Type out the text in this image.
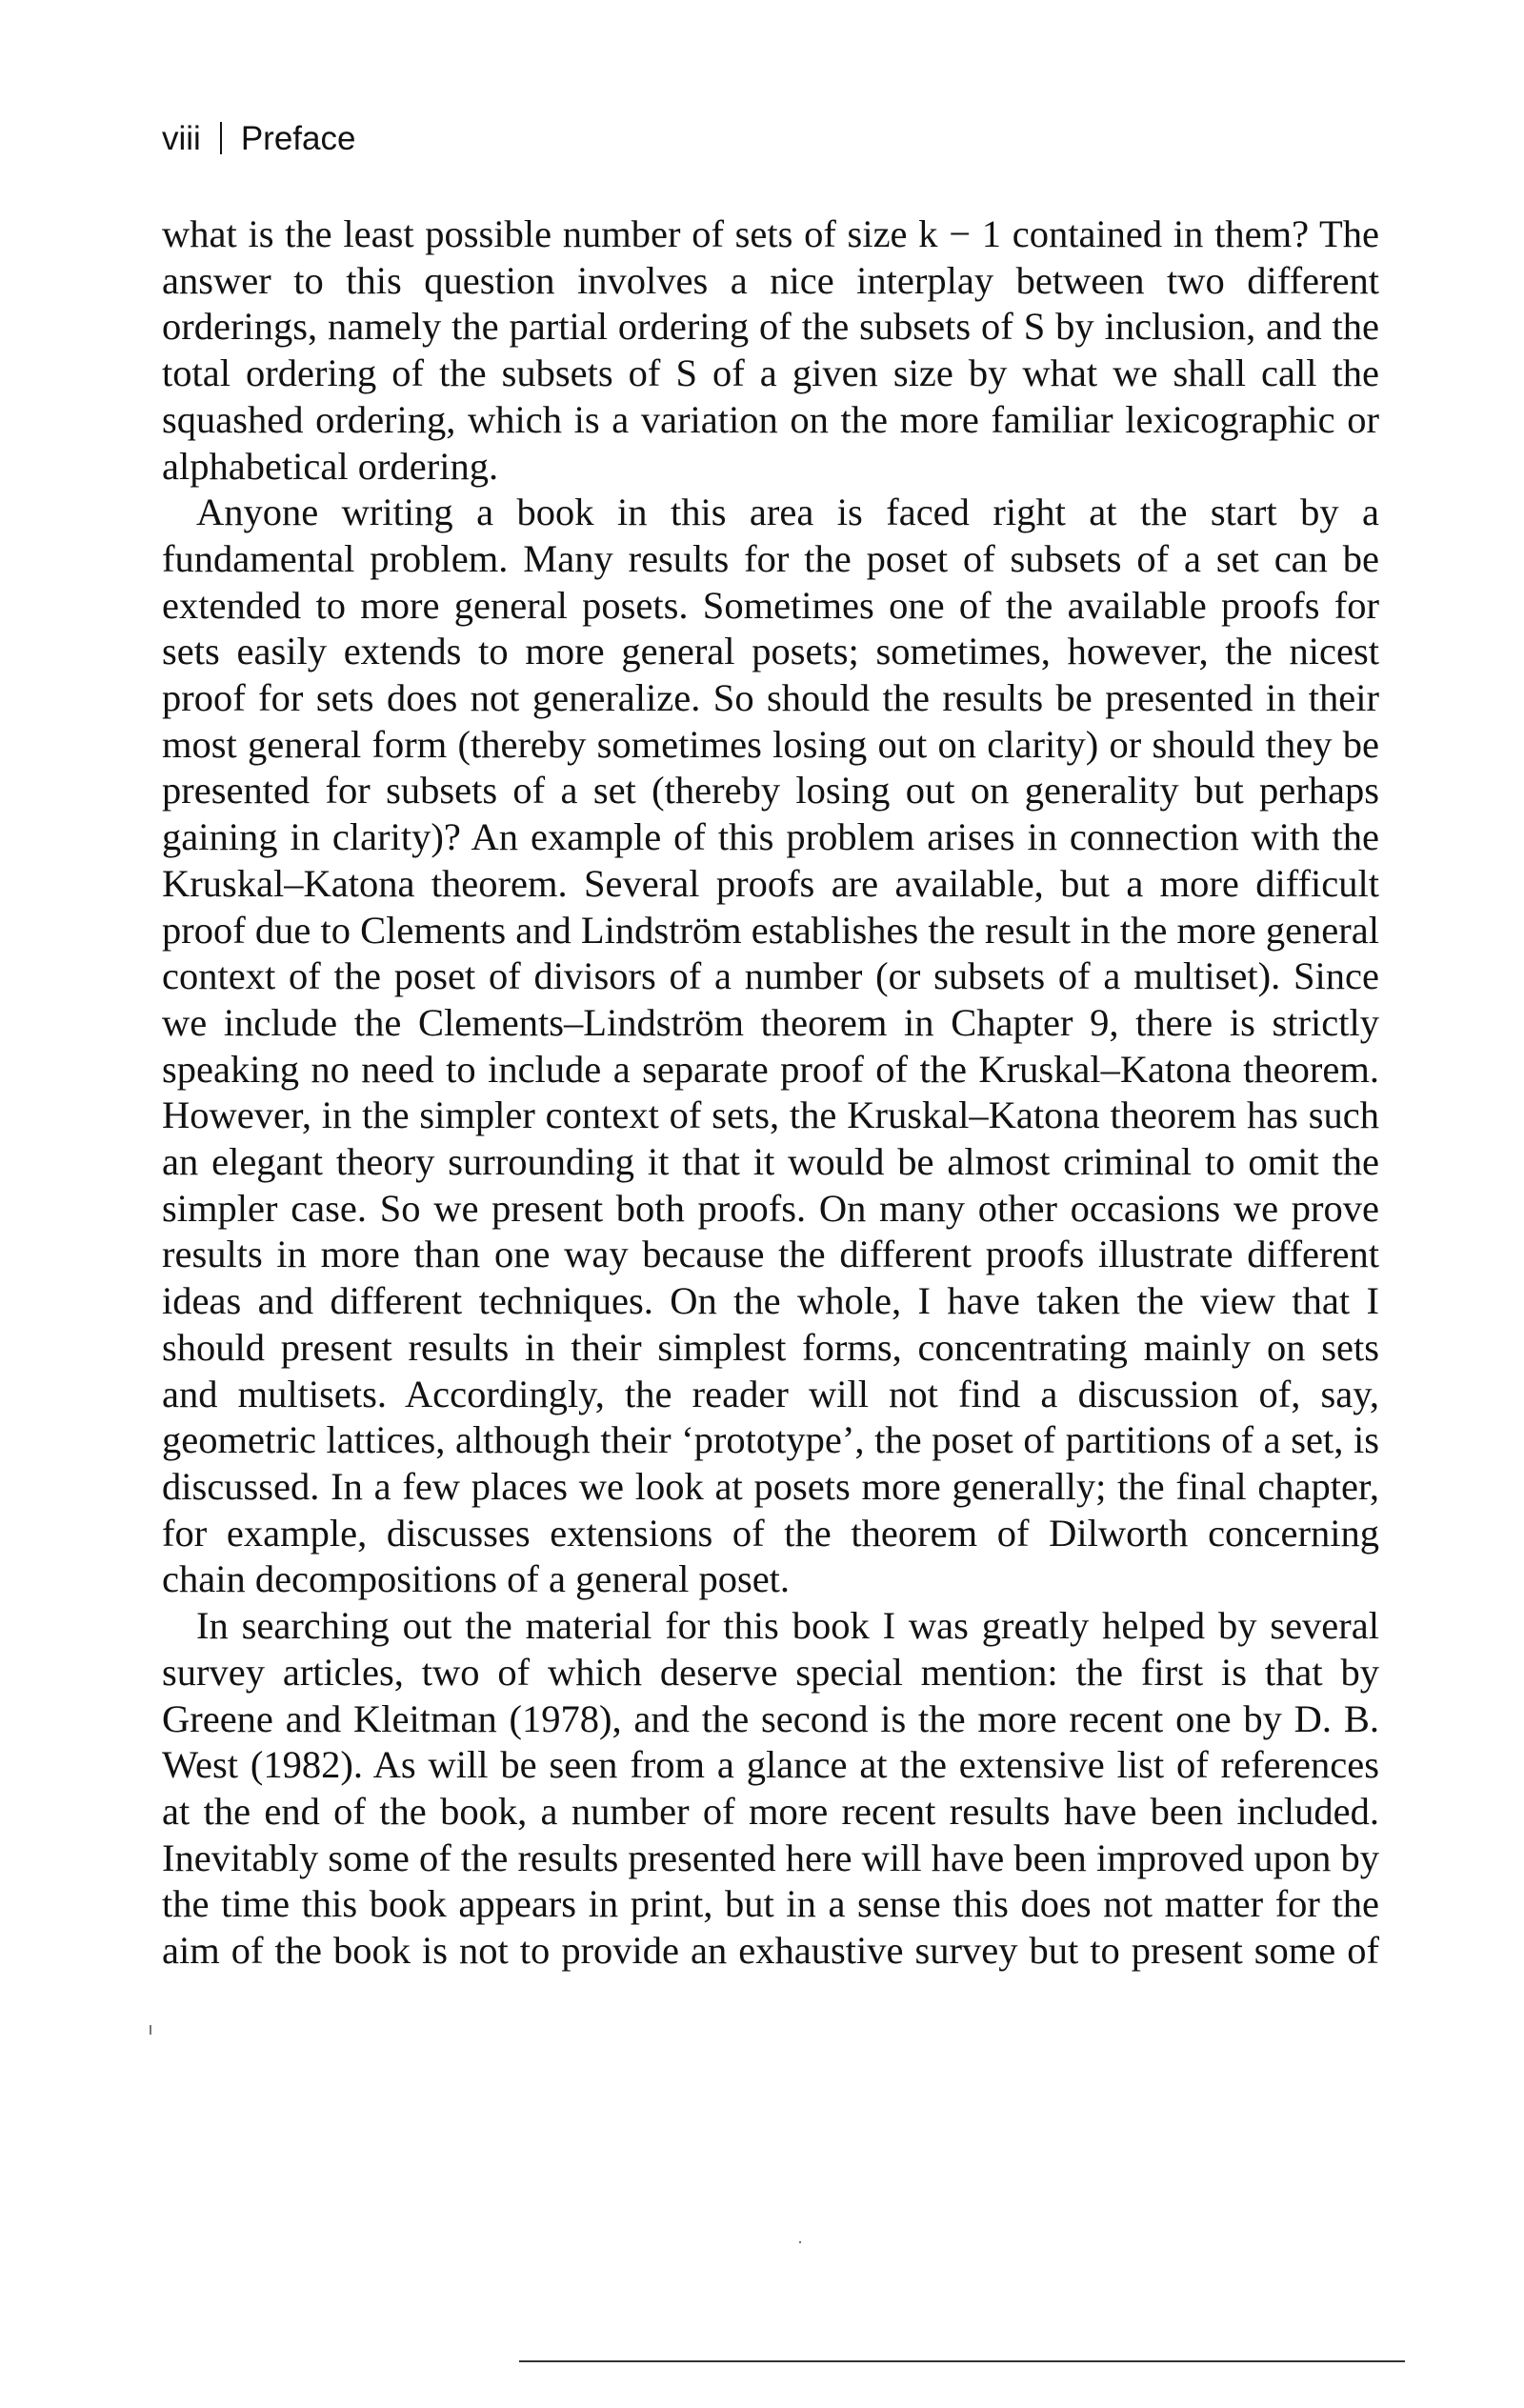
viii Preface

what is the least possible number of sets of size k − 1 contained in them? The answer to this question involves a nice interplay between two different orderings, namely the partial ordering of the subsets of S by inclusion, and the total ordering of the subsets of S of a given size by what we shall call the squashed ordering, which is a variation on the more familiar lexicographic or alphabetical ordering.

Anyone writing a book in this area is faced right at the start by a fundamental problem. Many results for the poset of subsets of a set can be extended to more general posets. Sometimes one of the available proofs for sets easily extends to more general posets; sometimes, however, the nicest proof for sets does not generalize. So should the results be presented in their most general form (thereby sometimes losing out on clarity) or should they be presented for subsets of a set (thereby losing out on generality but perhaps gaining in clarity)? An example of this problem arises in connection with the Kruskal–Katona theorem. Several proofs are available, but a more difficult proof due to Clements and Lindström establishes the result in the more general context of the poset of divisors of a number (or subsets of a multiset). Since we include the Clements–Lindström theorem in Chapter 9, there is strictly speaking no need to include a separate proof of the Kruskal–Katona theorem. However, in the simpler context of sets, the Kruskal–Katona theorem has such an elegant theory surrounding it that it would be almost criminal to omit the simpler case. So we present both proofs. On many other occasions we prove results in more than one way because the different proofs illustrate different ideas and different techniques. On the whole, I have taken the view that I should present results in their simplest forms, concentrating mainly on sets and multisets. Accordingly, the reader will not find a discussion of, say, geometric lattices, although their ‘prototype’, the poset of partitions of a set, is discussed. In a few places we look at posets more generally; the final chapter, for example, discusses extensions of the theorem of Dilworth concerning chain decompositions of a general poset.

In searching out the material for this book I was greatly helped by several survey articles, two of which deserve special mention: the first is that by Greene and Kleitman (1978), and the second is the more recent one by D. B. West (1982). As will be seen from a glance at the extensive list of references at the end of the book, a number of more recent results have been included. Inevitably some of the results presented here will have been improved upon by the time this book appears in print, but in a sense this does not matter for the aim of the book is not to provide an exhaustive survey but to present some of

·
